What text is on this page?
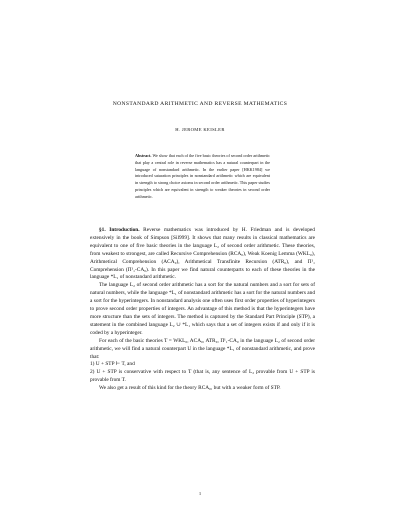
NONSTANDARD ARITHMETIC AND REVERSE MATHEMATICS
H. JEROME KEISLER
Abstract. We show that each of the five basic theories of second order arithmetic that play a central role in reverse mathematics has a natural counterpart in the language of nonstandard arithmetic. In the earlier paper [HKK1984] we introduced saturation principles in nonstandard arithmetic which are equivalent in strength to strong choice axioms in second order arithmetic. This paper studies principles which are equivalent in strength to weaker theories in second order arithmetic.

§1. Introduction. Reverse mathematics was introduced by H. Friedman and is developed extensively in the book of Simpson [Sil999]. It shows that many results in classical mathematics are equivalent to one of five basic theories in the language L₂ of second order arithmetic. These theories, from weakest to strongest, are called Recursive Comprehension (RCA₀), Weak Koenig Lemma (WKL₀), Arithmetical Comprehension (ACA₀), Arithmetical Transfinite Recursion (ATR₀), and Π¹₁ Comprehension (Π¹₁-CA₀). In this paper we find natural counterparts to each of these theories in the language *L₁ of nonstandard arithmetic.

The language L₂ of second order arithmetic has a sort for the natural numbers and a sort for sets of natural numbers, while the language *L₁ of nonstandard arithmetic has a sort for the natural numbers and a sort for the hyperintegers. In nonstandard analysis one often uses first order properties of hyperintegers to prove second order properties of integers. An advantage of this method is that the hyperintegers have more structure than the sets of integers. The method is captured by the Standard Part Principle (STP), a statement in the combined language L₂ ∪ *L₁ which says that a set of integers exists if and only if it is coded by a hyperinteger.

For each of the basic theories T = WKL₀, ACA₀, ATR₀, Π¹₁-CA₀ in the language L₂ of second order arithmetic, we will find a natural counterpart U in the language *L₁ of nonstandard arithmetic, and prove that:

1) U + STP ⊢ T, and

2) U + STP is conservative with respect to T (that is, any sentence of L₂ provable from U + STP is provable from T.

We also get a result of this kind for the theory RCA₀, but with a weaker form of STP.

1
